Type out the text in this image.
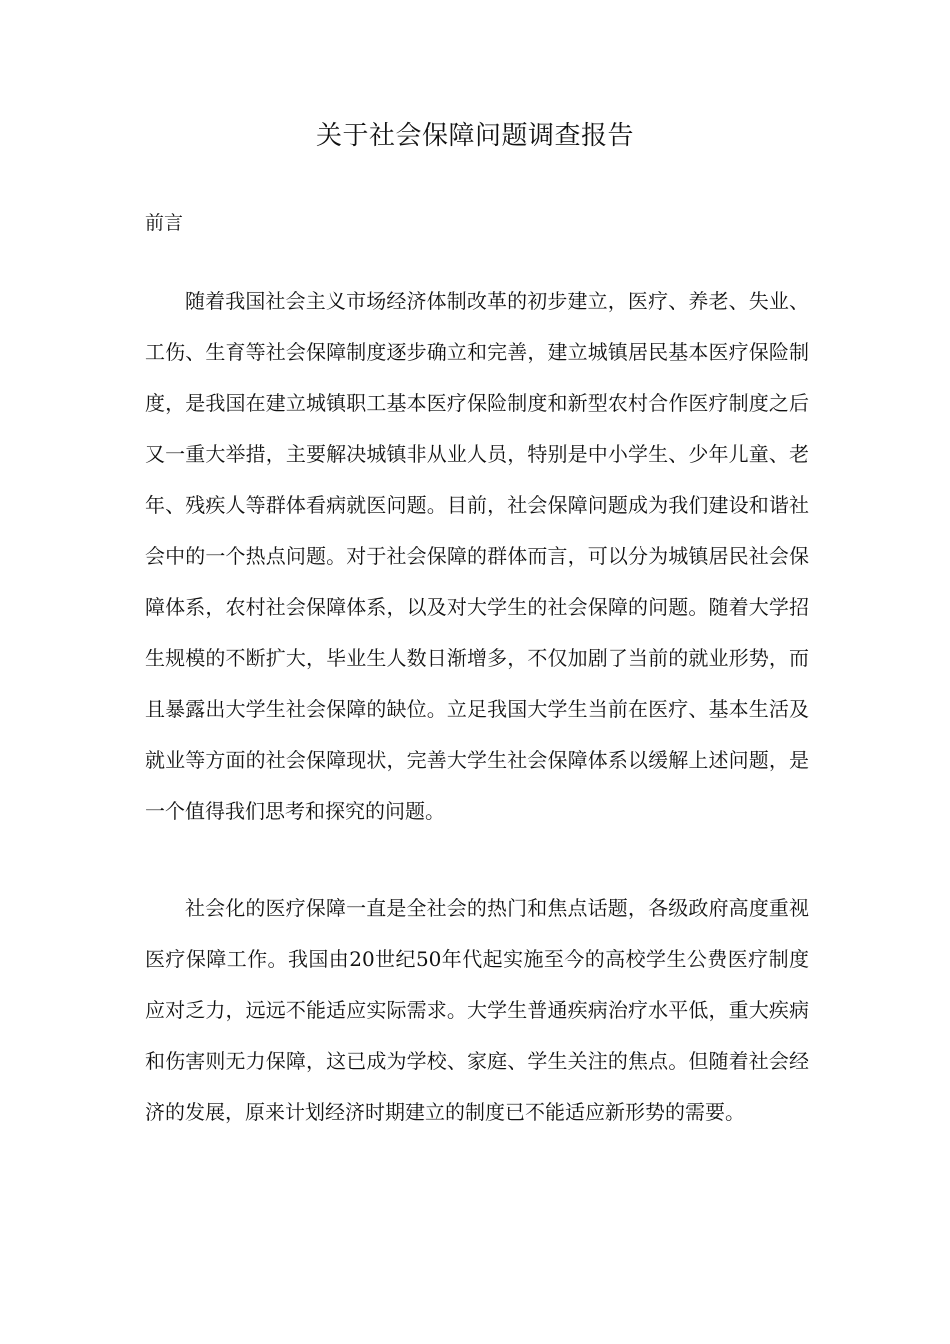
关于社会保障问题调查报告
前言

随着我国社会主义市场经济体制改革的初步建立，医疗、养老、失业、工伤、生育等社会保障制度逐步确立和完善，建立城镇居民基本医疗保险制度，是我国在建立城镇职工基本医疗保险制度和新型农村合作医疗制度之后又一重大举措，主要解决城镇非从业人员，特别是中小学生、少年儿童、老年、残疾人等群体看病就医问题。目前，社会保障问题成为我们建设和谐社会中的一个热点问题。对于社会保障的群体而言，可以分为城镇居民社会保障体系，农村社会保障体系，以及对大学生的社会保障的问题。随着大学招生规模的不断扩大，毕业生人数日渐增多，不仅加剧了当前的就业形势，而且暴露出大学生社会保障的缺位。立足我国大学生当前在医疗、基本生活及就业等方面的社会保障现状，完善大学生社会保障体系以缓解上述问题，是一个值得我们思考和探究的问题。

社会化的医疗保障一直是全社会的热门和焦点话题，各级政府高度重视医疗保障工作。我国由20世纪50年代起实施至今的高校学生公费医疗制度应对乏力，远远不能适应实际需求。大学生普通疾病治疗水平低，重大疾病和伤害则无力保障，这已成为学校、家庭、学生关注的焦点。但随着社会经济的发展，原来计划经济时期建立的制度已不能适应新形势的需要。
